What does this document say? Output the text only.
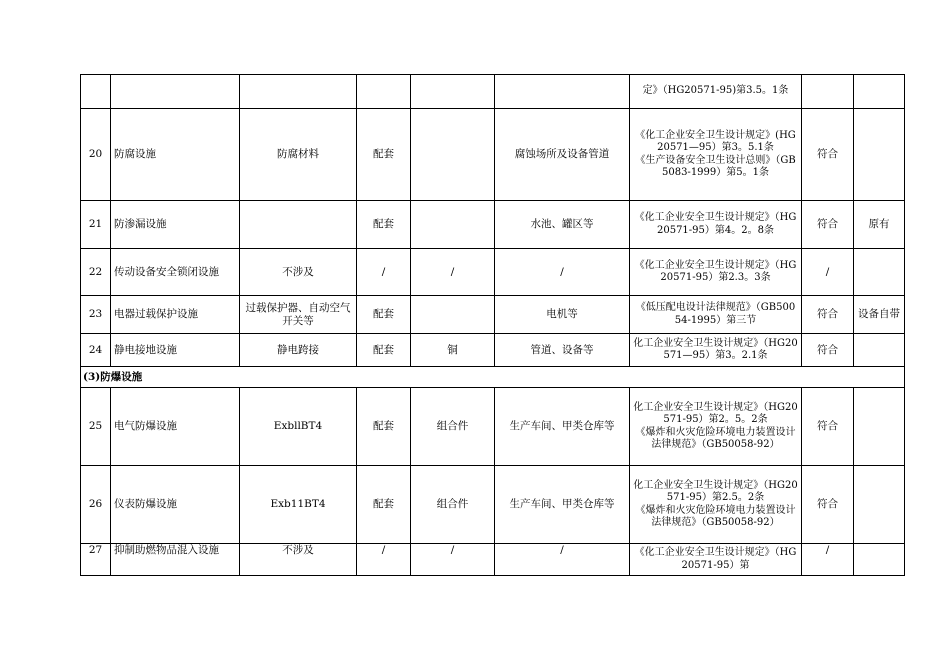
						定》（HG20571-95)第3.5。1条		

20	防腐设施	防腐材料	配套		腐蚀场所及设备管道	《化工企业安全卫生设计规定》(HG20571—95）第3。5.1条
《生产设备安全卫生设计总则》（GB5083-1999）第5。1条	符合	
21	防渗漏设施		配套		水池、罐区等	《化工企业安全卫生设计规定》（HG20571-95）第4。2。8条	符合	原有
22	传动设备安全锁闭设施	不涉及	/	/	/	《化工企业安全卫生设计规定》（HG20571-95）第2.3。3条	/	
23	电器过载保护设施	过载保护器、自动空气开关等	配套		电机等	《低压配电设计法律规范》（GB50054-1995）第三节	符合	设备自带
24	静电接地设施	静电跨接	配套	铜	管道、设备等	化工企业安全卫生设计规定》（HG20571—95）第3。2.1条	符合	
(3)防爆设施								
25	电气防爆设施	ExbllBT4	配套	组合件	生产车间、甲类仓库等	化工企业安全卫生设计规定》（HG20571-95）第2。5。2条
《爆炸和火灾危险环境电力装置设计法律规范》（GB50058-92）	符合	
26	仪表防爆设施	Exb11BT4	配套	组合件	生产车间、甲类仓库等	化工企业安全卫生设计规定》（HG20571-95）第2.5。2条
《爆炸和火灾危险环境电力装置设计法律规范》（GB50058-92）	符合	
27	抑制助燃物品混入设施	不涉及	/	/	/	《化工企业安全卫生设计规定》（HG20571-95）第	/	
